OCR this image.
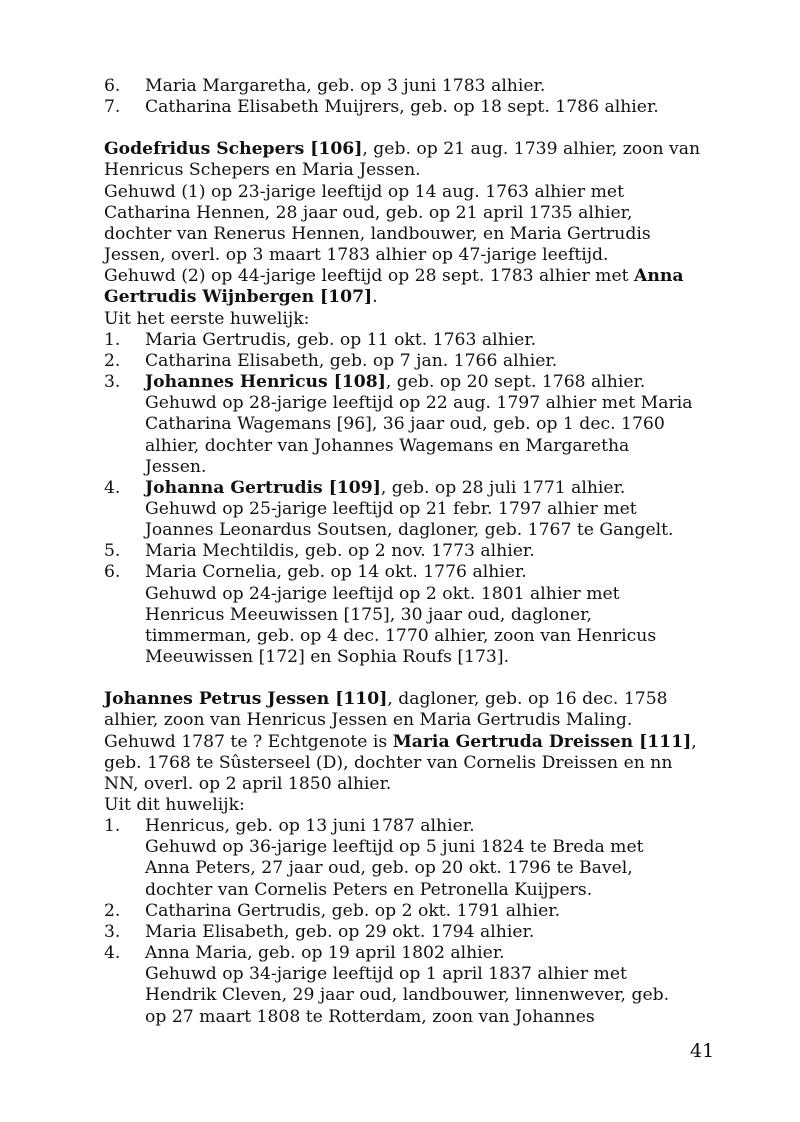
6.	Maria Margaretha, geb. op 3 juni 1783 alhier.
7.	Catharina Elisabeth Muijrers, geb. op 18 sept. 1786 alhier.
Godefridus Schepers [106], geb. op 21 aug. 1739 alhier, zoon van
Henricus Schepers en Maria Jessen.
Gehuwd (1) op 23-jarige leeftijd op 14 aug. 1763 alhier met
Catharina Hennen, 28 jaar oud, geb. op 21 april 1735 alhier,
dochter van Renerus Hennen, landbouwer, en Maria Gertrudis
Jessen, overl. op 3 maart 1783 alhier op 47-jarige leeftijd.
Gehuwd (2) op 44-jarige leeftijd op 28 sept. 1783 alhier met Anna
Gertrudis Wijnbergen [107].
Uit het eerste huwelijk:
1.	Maria Gertrudis, geb. op 11 okt. 1763 alhier.
2.	Catharina Elisabeth, geb. op 7 jan. 1766 alhier.
3.	Johannes Henricus [108], geb. op 20 sept. 1768 alhier.
Gehuwd op 28-jarige leeftijd op 22 aug. 1797 alhier met Maria
Catharina Wagemans [96], 36 jaar oud, geb. op 1 dec. 1760
alhier, dochter van Johannes Wagemans en Margaretha
Jessen.
4.	Johanna Gertrudis [109], geb. op 28 juli 1771 alhier.
Gehuwd op 25-jarige leeftijd op 21 febr. 1797 alhier met
Joannes Leonardus Soutsen, dagloner, geb. 1767 te Gangelt.
5.	Maria Mechtildis, geb. op 2 nov. 1773 alhier.
6.	Maria Cornelia, geb. op 14 okt. 1776 alhier.
Gehuwd op 24-jarige leeftijd op 2 okt. 1801 alhier met
Henricus Meeuwissen [175], 30 jaar oud, dagloner,
timmerman, geb. op 4 dec. 1770 alhier, zoon van Henricus
Meeuwissen [172] en Sophia Roufs [173].
Johannes Petrus Jessen [110], dagloner, geb. op 16 dec. 1758
alhier, zoon van Henricus Jessen en Maria Gertrudis Maling.
Gehuwd 1787 te ? Echtgenote is Maria Gertruda Dreissen [111],
geb. 1768 te Sûsterseel (D), dochter van Cornelis Dreissen en nn
NN, overl. op 2 april 1850 alhier.
Uit dit huwelijk:
1.	Henricus, geb. op 13 juni 1787 alhier.
Gehuwd op 36-jarige leeftijd op 5 juni 1824 te Breda met
Anna Peters, 27 jaar oud, geb. op 20 okt. 1796 te Bavel,
dochter van Cornelis Peters en Petronella Kuijpers.
2.	Catharina Gertrudis, geb. op 2 okt. 1791 alhier.
3.	Maria Elisabeth, geb. op 29 okt. 1794 alhier.
4.	Anna Maria, geb. op 19 april 1802 alhier.
Gehuwd op 34-jarige leeftijd op 1 april 1837 alhier met
Hendrik Cleven, 29 jaar oud, landbouwer, linnenwever, geb.
op 27 maart 1808 te Rotterdam, zoon van Johannes
41
